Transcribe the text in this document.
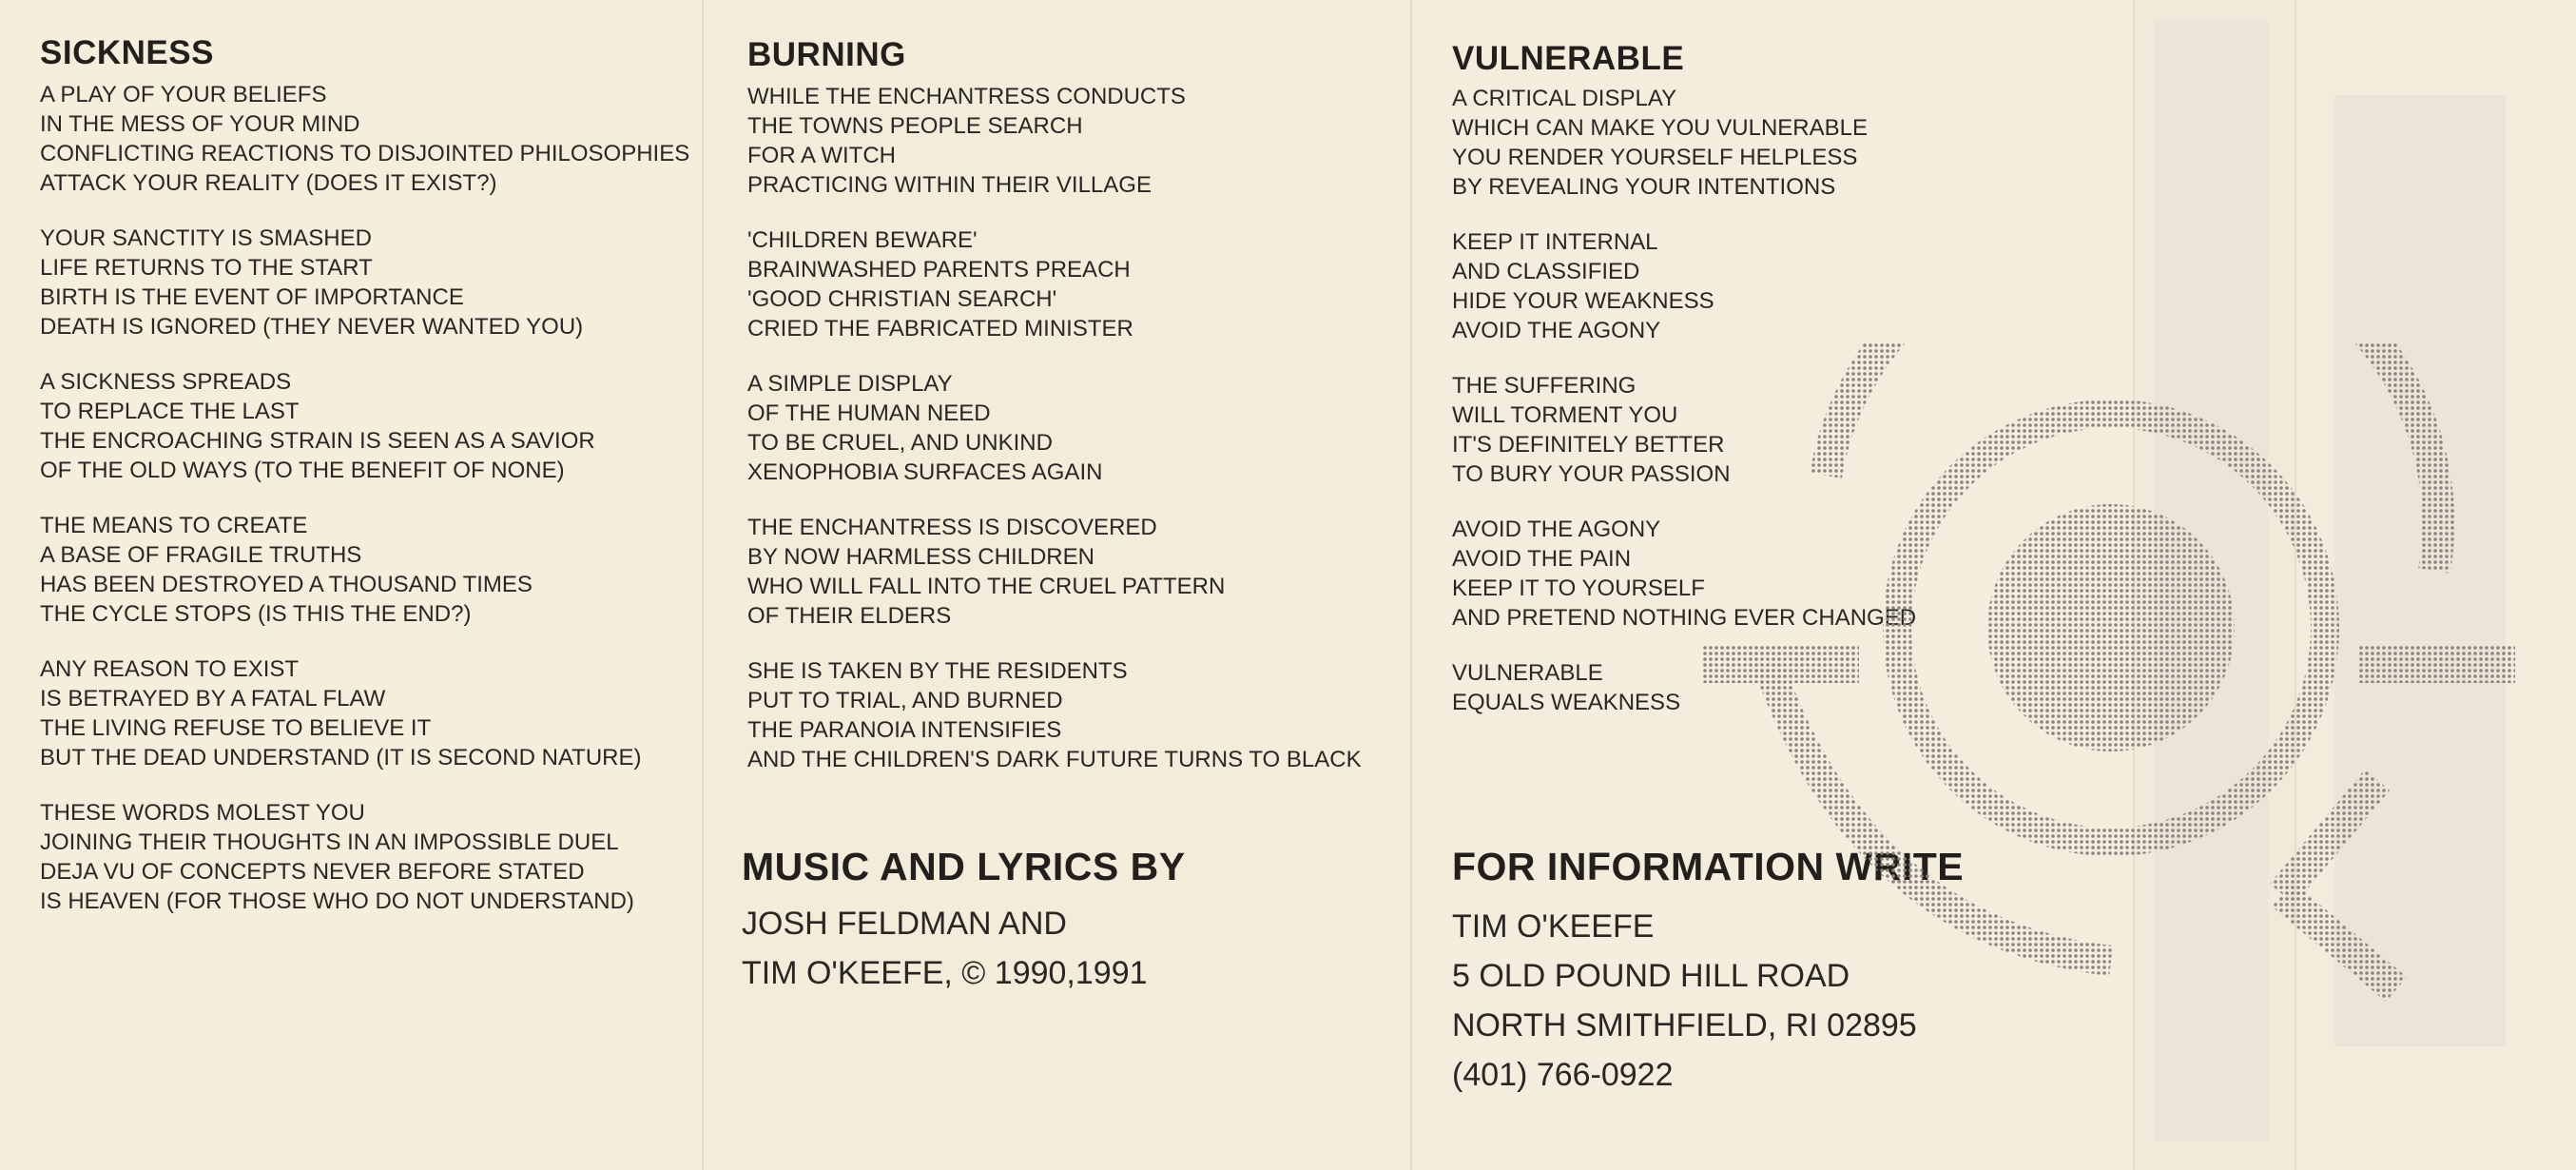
SICKNESS
A PLAY OF YOUR BELIEFS
IN THE MESS OF YOUR MIND
CONFLICTING REACTIONS TO DISJOINTED PHILOSOPHIES
ATTACK YOUR REALITY (DOES IT EXIST?)
YOUR SANCTITY IS SMASHED
LIFE RETURNS TO THE START
BIRTH IS THE EVENT OF IMPORTANCE
DEATH IS IGNORED (THEY NEVER WANTED YOU)
A SICKNESS SPREADS
TO REPLACE THE LAST
THE ENCROACHING STRAIN IS SEEN AS A SAVIOR
OF THE OLD WAYS (TO THE BENEFIT OF NONE)
THE MEANS TO CREATE
A BASE OF FRAGILE TRUTHS
HAS BEEN DESTROYED A THOUSAND TIMES
THE CYCLE STOPS (IS THIS THE END?)
ANY REASON TO EXIST
IS BETRAYED BY A FATAL FLAW
THE LIVING REFUSE TO BELIEVE IT
BUT THE DEAD UNDERSTAND (IT IS SECOND NATURE)
THESE WORDS MOLEST YOU
JOINING THEIR THOUGHTS IN AN IMPOSSIBLE DUEL
DEJA VU OF CONCEPTS NEVER BEFORE STATED
IS HEAVEN (FOR THOSE WHO DO NOT UNDERSTAND)
BURNING
WHILE THE ENCHANTRESS CONDUCTS
THE TOWNS PEOPLE SEARCH
FOR A WITCH
PRACTICING WITHIN THEIR VILLAGE
'CHILDREN BEWARE'
BRAINWASHED PARENTS PREACH
'GOOD CHRISTIAN SEARCH'
CRIED THE FABRICATED MINISTER
A SIMPLE DISPLAY
OF THE HUMAN NEED
TO BE CRUEL, AND UNKIND
XENOPHOBIA SURFACES AGAIN
THE ENCHANTRESS IS DISCOVERED
BY NOW HARMLESS CHILDREN
WHO WILL FALL INTO THE CRUEL PATTERN
OF THEIR ELDERS
SHE IS TAKEN BY THE RESIDENTS
PUT TO TRIAL, AND BURNED
THE PARANOIA INTENSIFIES
AND THE CHILDREN'S DARK FUTURE TURNS TO BLACK
MUSIC AND LYRICS BY
JOSH FELDMAN AND
TIM O'KEEFE, © 1990,1991
VULNERABLE
A CRITICAL DISPLAY
WHICH CAN MAKE YOU VULNERABLE
YOU RENDER YOURSELF HELPLESS
BY REVEALING YOUR INTENTIONS
KEEP IT INTERNAL
AND CLASSIFIED
HIDE YOUR WEAKNESS
AVOID THE AGONY
THE SUFFERING
WILL TORMENT YOU
IT'S DEFINITELY BETTER
TO BURY YOUR PASSION
AVOID THE AGONY
AVOID THE PAIN
KEEP IT TO YOURSELF
AND PRETEND NOTHING EVER CHANGED
VULNERABLE
EQUALS WEAKNESS
FOR INFORMATION WRITE
TIM O'KEEFE
5 OLD POUND HILL ROAD
NORTH SMITHFIELD, RI 02895
(401) 766-0922
